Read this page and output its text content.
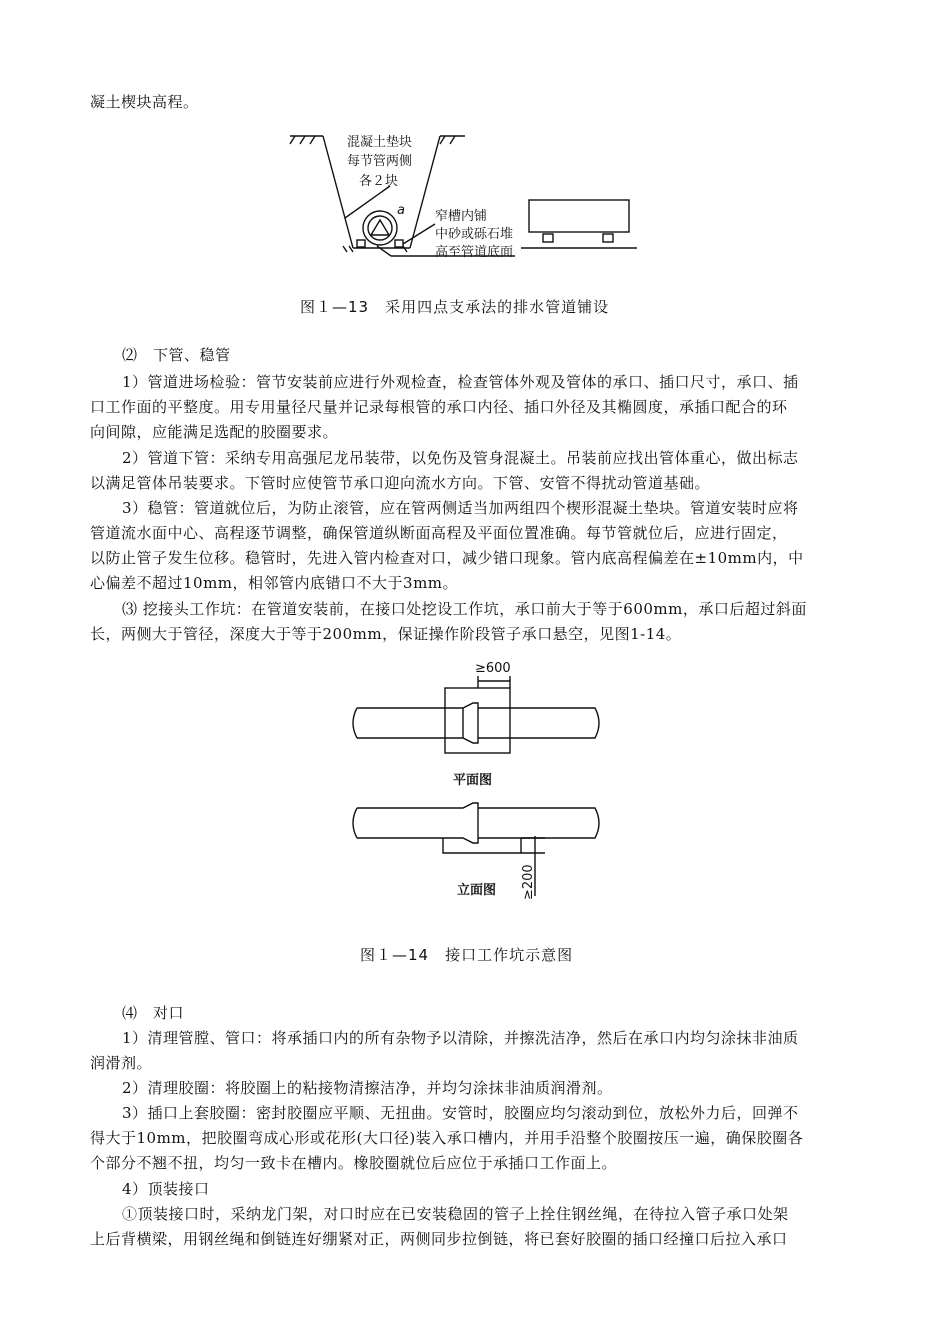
凝土楔块高程。
混凝土垫块
每节管两侧
各２块
窄槽内铺
中砂或砾石堆
高至管道底面
a
图１—13　采用四点支承法的排水管道铺设
⑵　下管、稳管
1）管道进场检验：管节安装前应进行外观检查，检查管体外观及管体的承口、插口尺寸，承口、插
口工作面的平整度。用专用量径尺量并记录每根管的承口内径、插口外径及其椭圆度，承插口配合的环
向间隙，应能满足选配的胶圈要求。
2）管道下管：采纳专用高强尼龙吊装带，以免伤及管身混凝土。吊装前应找出管体重心，做出标志
以满足管体吊装要求。下管时应使管节承口迎向流水方向。下管、安管不得扰动管道基础。
3）稳管：管道就位后，为防止滚管，应在管两侧适当加两组四个楔形混凝土垫块。管道安装时应将
管道流水面中心、高程逐节调整，确保管道纵断面高程及平面位置准确。每节管就位后，应进行固定，
以防止管子发生位移。稳管时，先进入管内检查对口，减少错口现象。管内底高程偏差在±10mm内，中
心偏差不超过10mm，相邻管内底错口不大于3mm。
⑶ 挖接头工作坑：在管道安装前，在接口处挖设工作坑，承口前大于等于600mm，承口后超过斜面
长，两侧大于管径，深度大于等于200mm，保证操作阶段管子承口悬空，见图1-14。
≥600
平面图
立面图 ≥200
图１—14　接口工作坑示意图
⑷　对口
1）清理管膛、管口：将承插口内的所有杂物予以清除，并擦洗洁净，然后在承口内均匀涂抹非油质
润滑剂。
2）清理胶圈：将胶圈上的粘接物清擦洁净，并均匀涂抹非油质润滑剂。
3）插口上套胶圈：密封胶圈应平顺、无扭曲。安管时，胶圈应均匀滚动到位，放松外力后，回弹不
得大于10mm，把胶圈弯成心形或花形(大口径)装入承口槽内，并用手沿整个胶圈按压一遍，确保胶圈各
个部分不翘不扭，均匀一致卡在槽内。橡胶圈就位后应位于承插口工作面上。
4）顶装接口
①顶装接口时，采纳龙门架，对口时应在已安装稳固的管子上拴住钢丝绳，在待拉入管子承口处架
上后背横梁，用钢丝绳和倒链连好绷紧对正，两侧同步拉倒链，将已套好胶圈的插口经撞口后拉入承口
